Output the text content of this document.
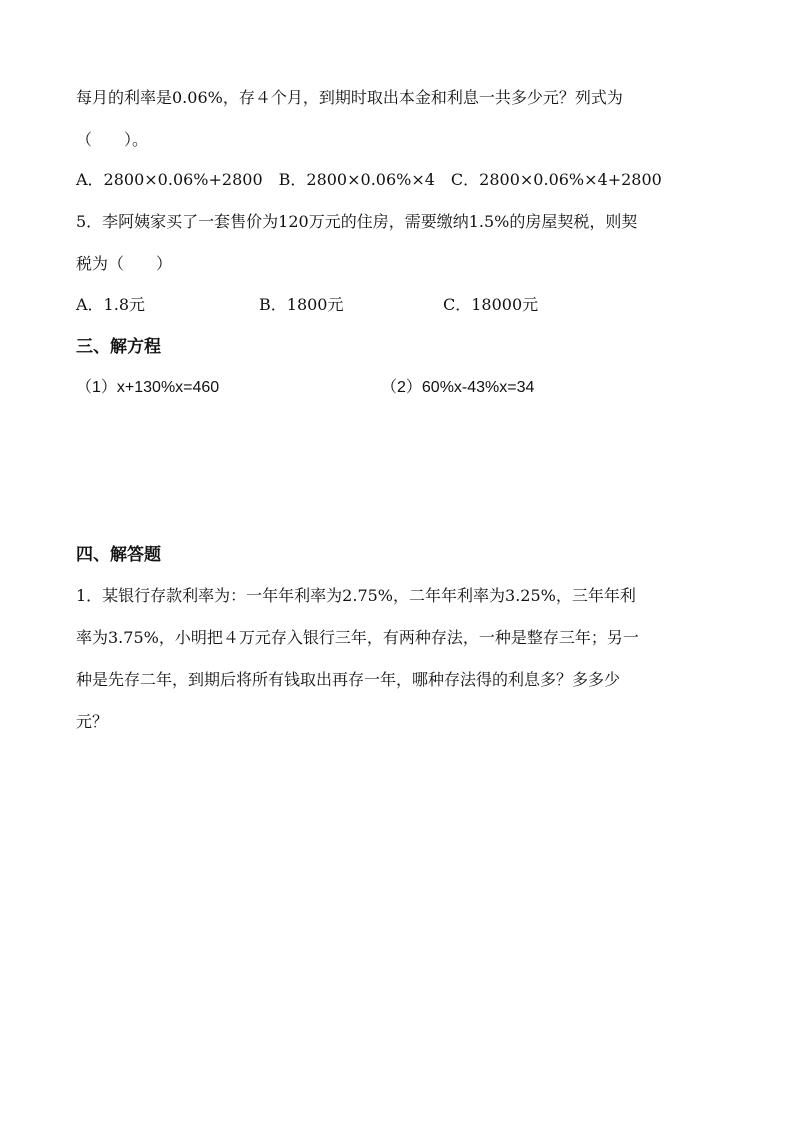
每月的利率是0.06%，存４个月，到期时取出本金和利息一共多少元？列式为
（　　）。
A．2800×0.06%+2800　B．2800×0.06%×4　C．2800×0.06%×4+2800
5．李阿姨家买了一套售价为120万元的住房，需要缴纳1.5%的房屋契税，则契
税为（　　）
A．1.8元	B．1800元	C．18000元
三、解方程
（1）x+130%x=460	（2）60%x-43%x=34
四、解答题
1．某银行存款利率为：一年年利率为2.75%，二年年利率为3.25%，三年年利
率为3.75%，小明把４万元存入银行三年，有两种存法，一种是整存三年；另一
种是先存二年，到期后将所有钱取出再存一年，哪种存法得的利息多？多多少
元？
